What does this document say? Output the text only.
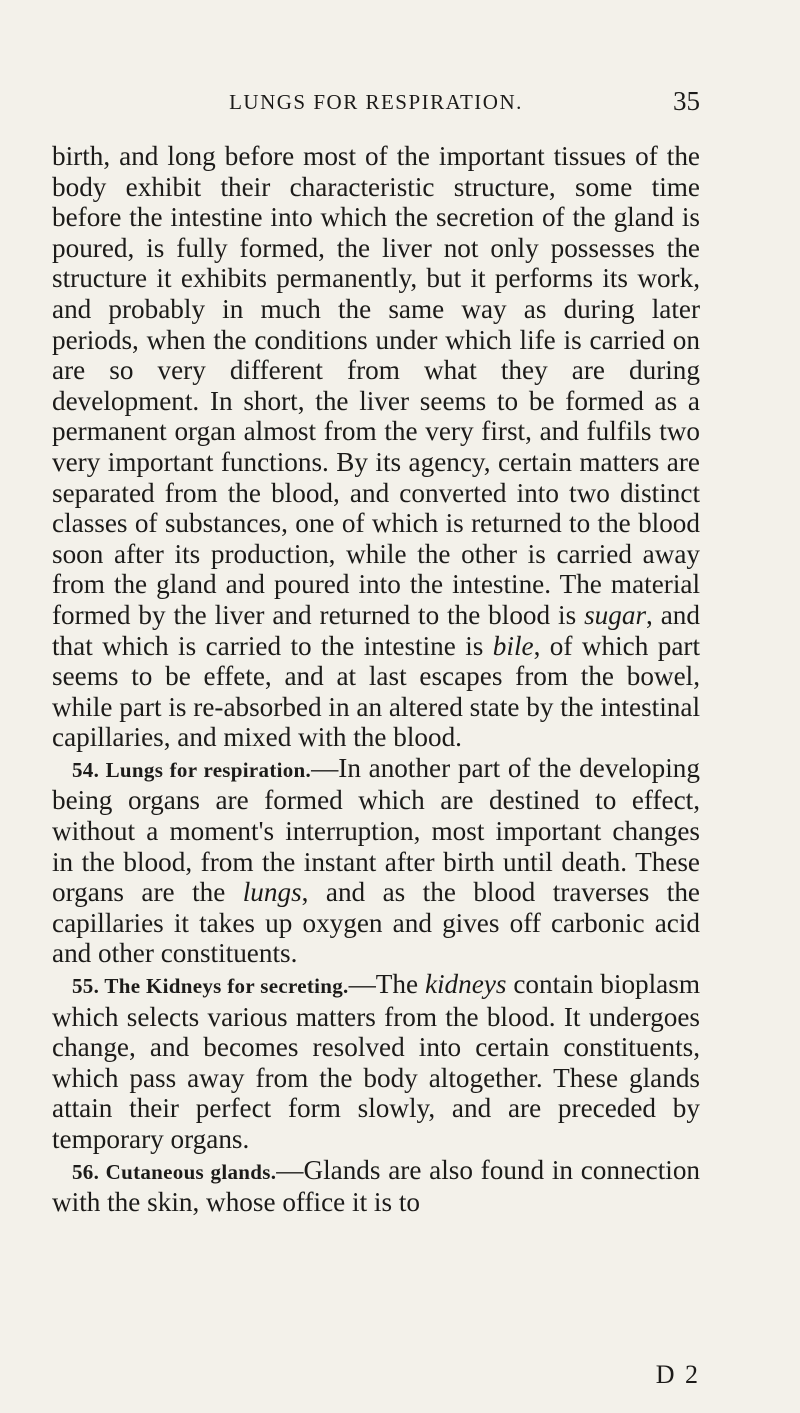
LUNGS FOR RESPIRATION.	35

birth, and long before most of the important tissues of the body exhibit their characteristic structure, some time before the intestine into which the secretion of the gland is poured, is fully formed, the liver not only possesses the structure it exhibits permanently, but it performs its work, and probably in much the same way as during later periods, when the conditions under which life is carried on are so very different from what they are during development. In short, the liver seems to be formed as a permanent organ almost from the very first, and fulfils two very important functions. By its agency, certain matters are separated from the blood, and converted into two distinct classes of substances, one of which is returned to the blood soon after its production, while the other is carried away from the gland and poured into the intestine. The material formed by the liver and returned to the blood is sugar, and that which is carried to the intestine is bile, of which part seems to be effete, and at last escapes from the bowel, while part is re-absorbed in an altered state by the intestinal capillaries, and mixed with the blood.

54. Lungs for respiration.—In another part of the developing being organs are formed which are destined to effect, without a moment's interruption, most important changes in the blood, from the instant after birth until death. These organs are the lungs, and as the blood traverses the capillaries it takes up oxygen and gives off carbonic acid and other constituents.

55. The Kidneys for secreting.—The kidneys contain bioplasm which selects various matters from the blood. It undergoes change, and becomes resolved into certain constituents, which pass away from the body altogether. These glands attain their perfect form slowly, and are preceded by temporary organs.

56. Cutaneous glands.—Glands are also found in connection with the skin, whose office it is to

D 2
